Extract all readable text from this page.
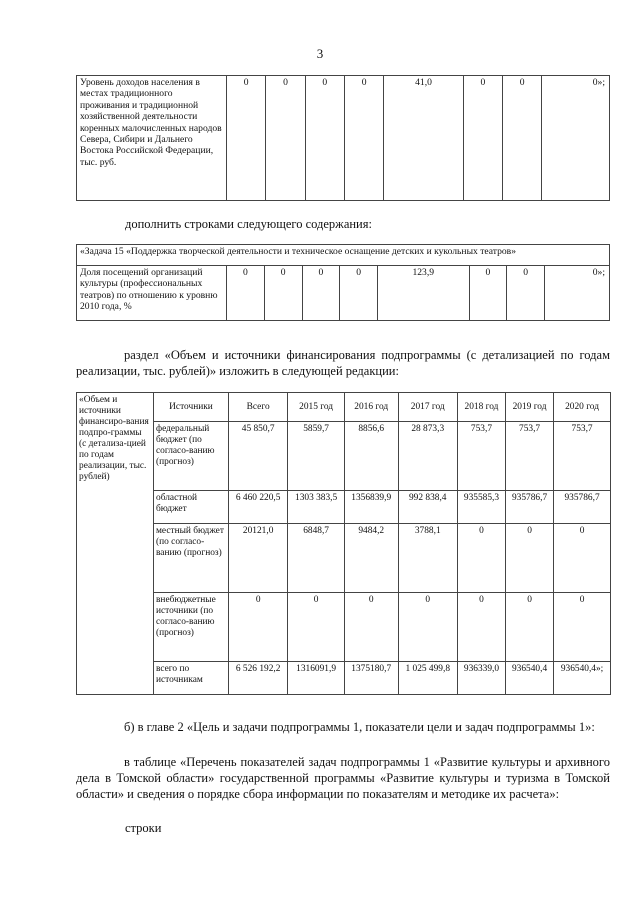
3
Уровень доходов населения в местах традиционного проживания и традиционной хозяйственной деятельности коренных малочисленных народов Севера, Сибири и Дальнего Востока Российской Федерации, тыс. руб.	0	0	0	0	41,0	0	0	0»;
дополнить строками следующего содержания:
«Задача 15 «Поддержка творческой деятельности и техническое оснащение детских и кукольных театров»
Доля посещений организаций культуры (профессиональных театров) по отношению к уровню 2010 года, %	0	0	0	0	123,9	0	0	0»;
раздел «Объем и источники финансирования подпрограммы (с детализацией по годам реализации, тыс. рублей)» изложить в следующей редакции:
«Объем и источники финансиро-вания подпро-граммы (с детализа-цией по годам реализации, тыс. рублей)	Источники	Всего	2015 год	2016 год	2017 год	2018 год	2019 год	2020 год
	федеральный бюджет (по согласо-ванию (прогноз)	45 850,7	5859,7	8856,6	28 873,3	753,7	753,7	753,7
	областной бюджет	6 460 220,5	1303 383,5	1356839,9	992 838,4	935585,3	935786,7	935786,7
	местный бюджет (по согласо-ванию (прогноз)	20121,0	6848,7	9484,2	3788,1	0	0	0
	внебюджетные источники (по согласо-ванию (прогноз)	0	0	0	0	0	0	0
	всего по источникам	6 526 192,2	1316091,9	1375180,7	1 025 499,8	936339,0	936540,4	936540,4»;
б) в главе 2 «Цель и задачи подпрограммы 1, показатели цели и задач подпрограммы 1»:
в таблице «Перечень показателей задач подпрограммы 1 «Развитие культуры и архивного дела в Томской области» государственной программы «Развитие культуры и туризма в Томской области» и сведения о порядке сбора информации по показателям и методике их расчета»:
строки
